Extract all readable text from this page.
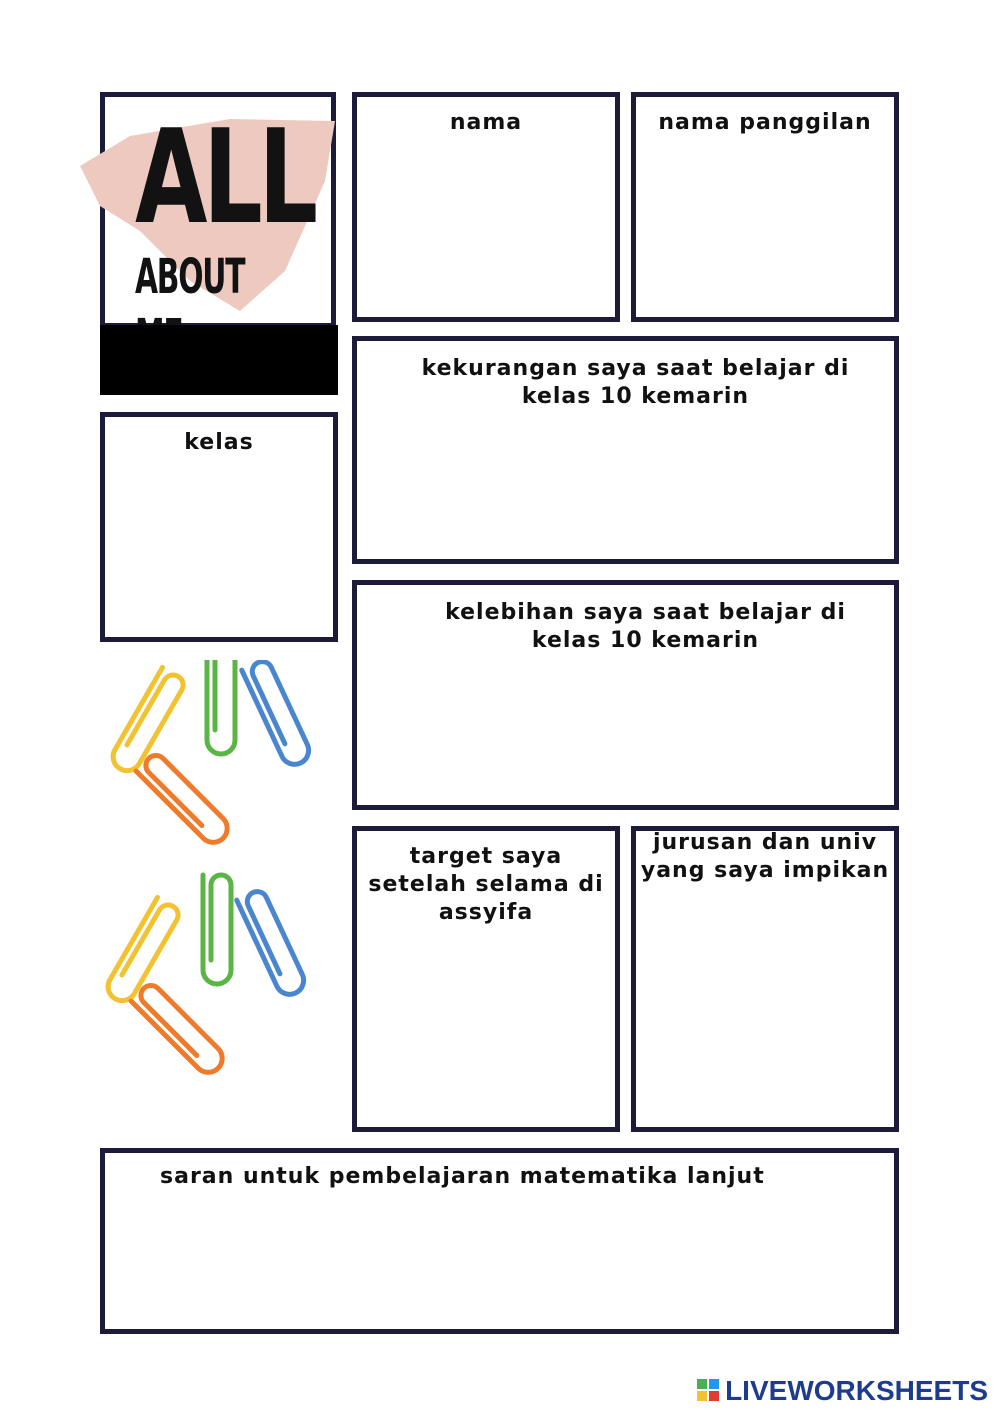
ALL
ABOUT
nama	nama panggilan
kekurangan saya saat belajar di
kelas 10 kemarin
kelas
kelebihan saya saat belajar di
kelas 10 kemarin
target saya
setelah selama di
assyifa
jurusan dan univ
yang saya impikan
saran untuk pembelajaran matematika lanjut
LIVEWORKSHEETS
